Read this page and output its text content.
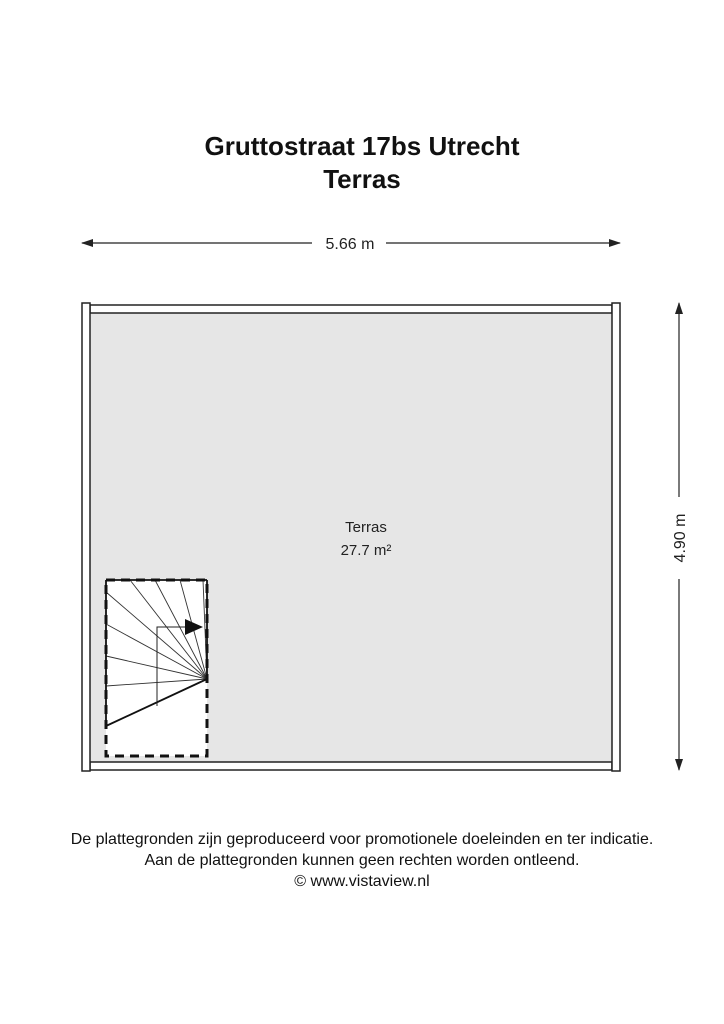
Gruttostraat 17bs Utrecht
Terras
5.66 m
4.90 m
Terras
27.7 m²
De plattegronden zijn geproduceerd voor promotionele doeleinden en ter indicatie.
Aan de plattegronden kunnen geen rechten worden ontleend.
© www.vistaview.nl
